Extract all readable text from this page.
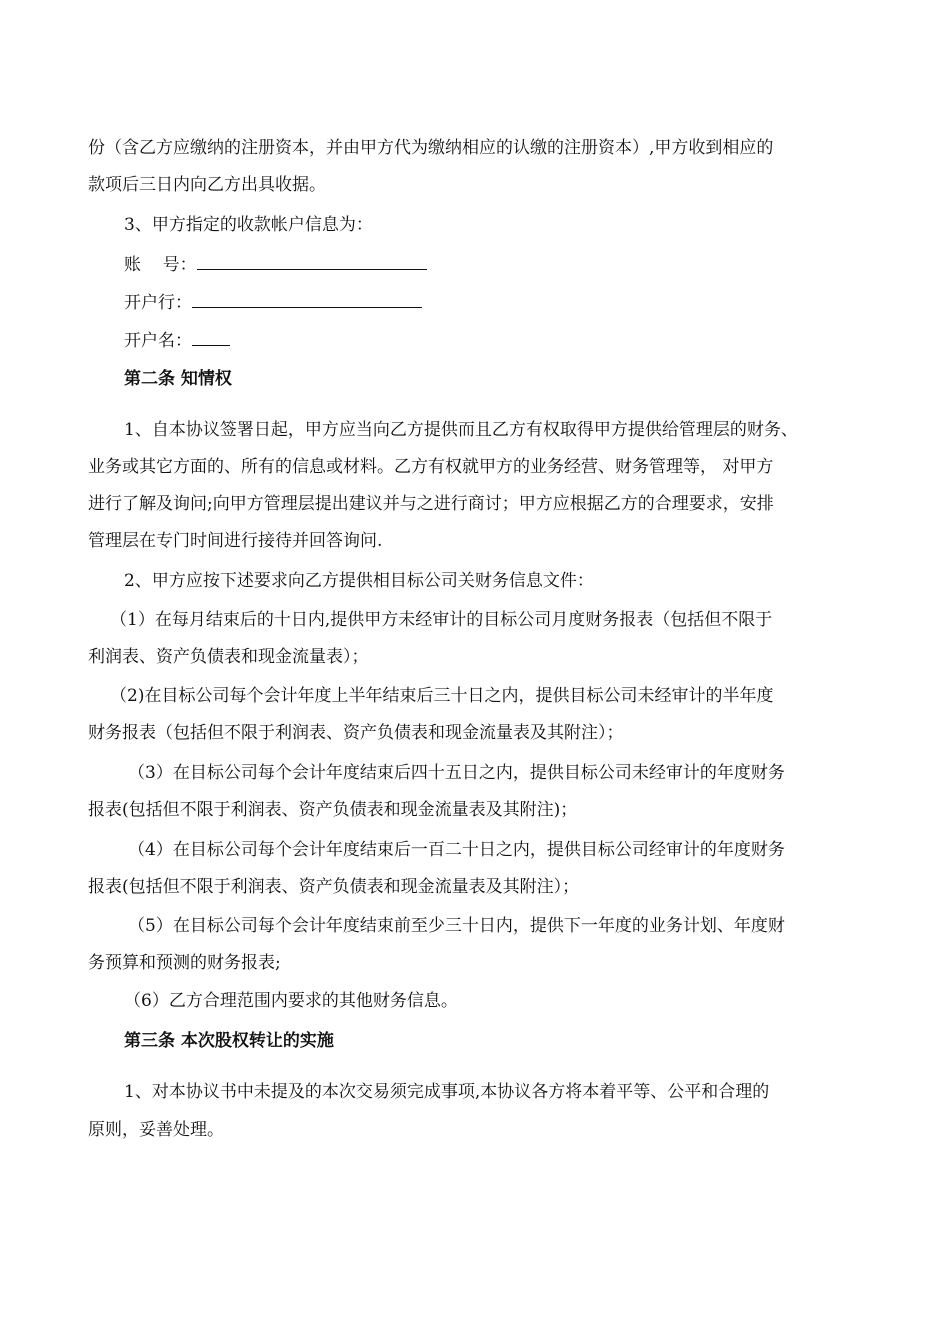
份（含乙方应缴纳的注册资本，并由甲方代为缴纳相应的认缴的注册资本）,甲方收到相应的
款项后三日内向乙方出具收据。
3、甲方指定的收款帐户信息为：
账    号：
开户行：
开户名：
第二条 知情权
1、自本协议签署日起，甲方应当向乙方提供而且乙方有权取得甲方提供给管理层的财务、
业务或其它方面的、所有的信息或材料。乙方有权就甲方的业务经营、财务管理等， 对甲方
进行了解及询问;向甲方管理层提出建议并与之进行商讨；甲方应根据乙方的合理要求，安排
管理层在专门时间进行接待并回答询问.
2、甲方应按下述要求向乙方提供相目标公司关财务信息文件：
（1）在每月结束后的十日内,提供甲方未经审计的目标公司月度财务报表（包括但不限于
利润表、资产负债表和现金流量表）；
（2)在目标公司每个会计年度上半年结束后三十日之内，提供目标公司未经审计的半年度
财务报表（包括但不限于利润表、资产负债表和现金流量表及其附注）；
（3）在目标公司每个会计年度结束后四十五日之内，提供目标公司未经审计的年度财务
报表(包括但不限于利润表、资产负债表和现金流量表及其附注)；
（4）在目标公司每个会计年度结束后一百二十日之内，提供目标公司经审计的年度财务
报表(包括但不限于利润表、资产负债表和现金流量表及其附注）；
（5）在目标公司每个会计年度结束前至少三十日内，提供下一年度的业务计划、年度财
务预算和预测的财务报表;
（6）乙方合理范围内要求的其他财务信息。
第三条 本次股权转让的实施
1、对本协议书中未提及的本次交易须完成事项,本协议各方将本着平等、公平和合理的
原则，妥善处理。
